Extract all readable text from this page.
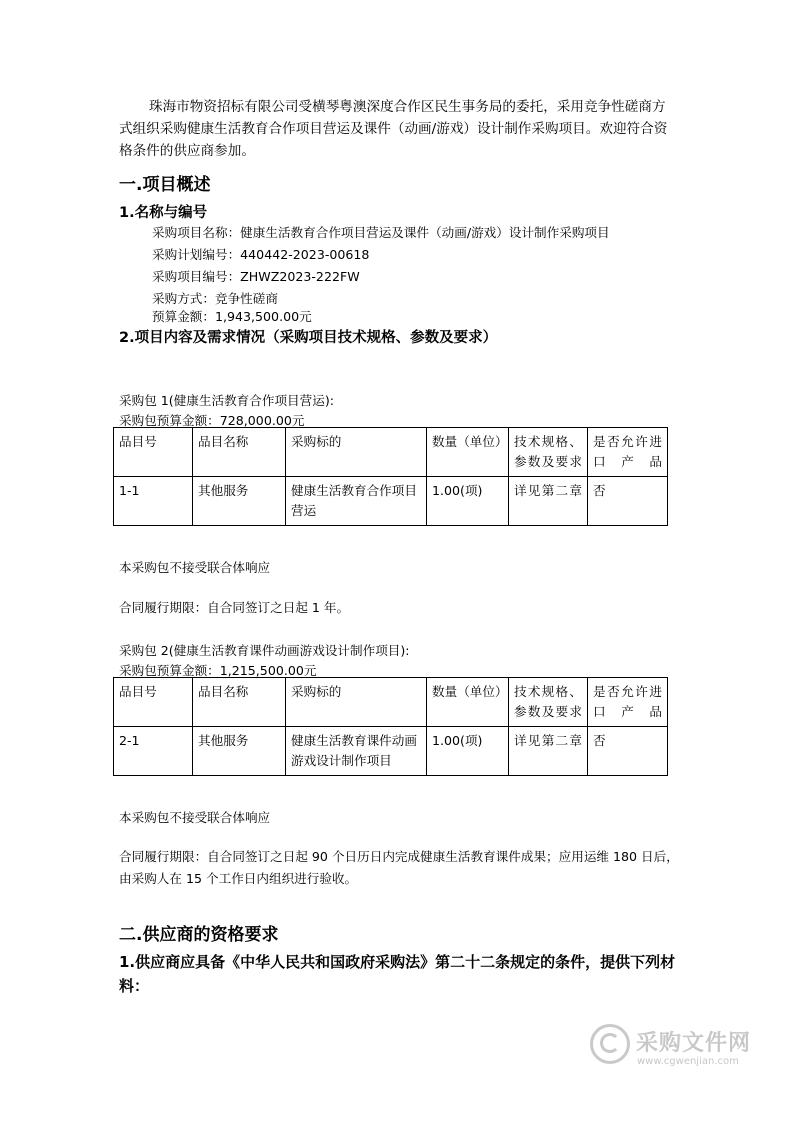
珠海市物资招标有限公司受横琴粤澳深度合作区民生事务局的委托，采用竞争性磋商方式组织采购健康生活教育合作项目营运及课件（动画/游戏）设计制作采购项目。欢迎符合资格条件的供应商参加。
一.项目概述
1.名称与编号
采购项目名称：健康生活教育合作项目营运及课件（动画/游戏）设计制作采购项目
采购计划编号：440442-2023-00618
采购项目编号：ZHWZ2023-222FW
采购方式：竞争性磋商
预算金额：1,943,500.00元
2.项目内容及需求情况（采购项目技术规格、参数及要求）
采购包 1(健康生活教育合作项目营运):
采购包预算金额：728,000.00元
品目号	品目名称	采购标的	数量（单位）	技术规格、参数及要求	是否允许进口产品
1-1	其他服务	健康生活教育合作项目营运	1.00(项)	详见第二章	否
本采购包不接受联合体响应
合同履行期限：自合同签订之日起 1 年。
采购包 2(健康生活教育课件动画游戏设计制作项目):
采购包预算金额：1,215,500.00元
品目号	品目名称	采购标的	数量（单位）	技术规格、参数及要求	是否允许进口产品
2-1	其他服务	健康生活教育课件动画游戏设计制作项目	1.00(项)	详见第二章	否
本采购包不接受联合体响应
合同履行期限：自合同签订之日起 90 个日历日内完成健康生活教育课件成果；应用运维 180 日后，由采购人在 15 个工作日内组织进行验收。
二.供应商的资格要求
1.供应商应具备《中华人民共和国政府采购法》第二十二条规定的条件，提供下列材料：
采购文件网
www.cgwenjian.com
